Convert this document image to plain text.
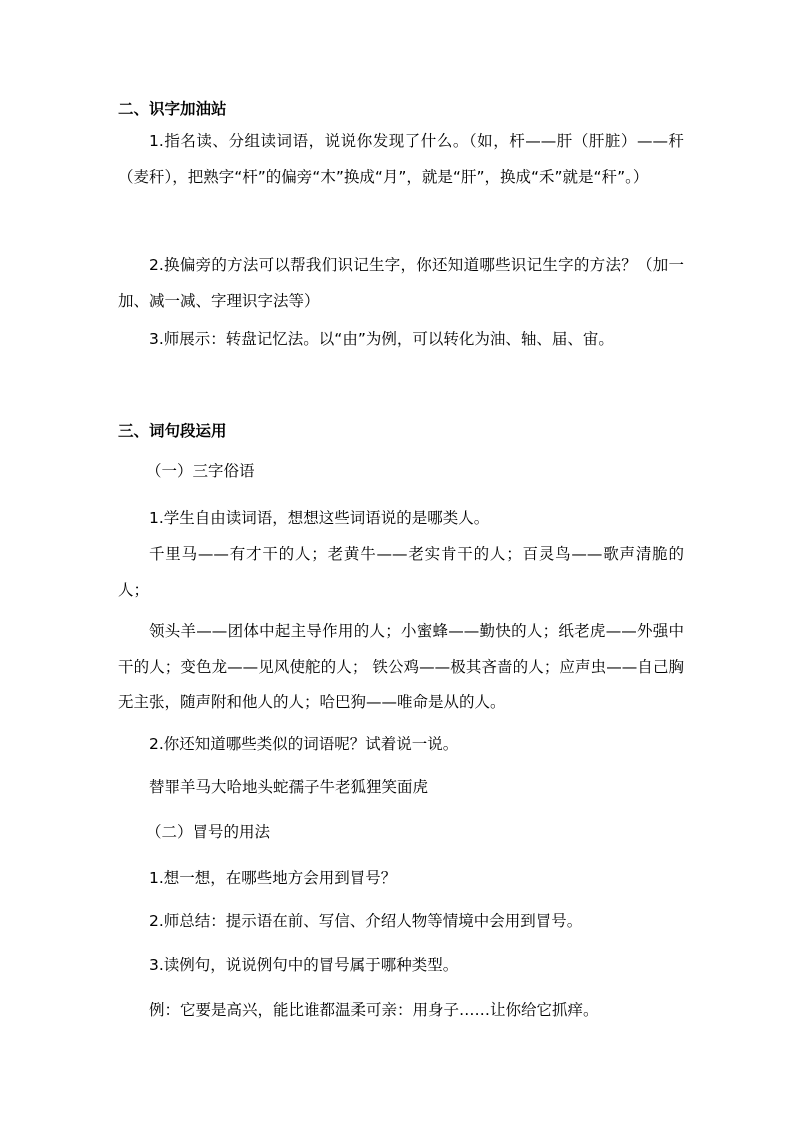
二、识字加油站

1.指名读、分组读词语，说说你发现了什么。（如，杆——肝（肝脏）——秆（麦秆），把熟字“杆”的偏旁“木”换成“月”，就是“肝”，换成“禾”就是“秆”。）

2.换偏旁的方法可以帮我们识记生字，你还知道哪些识记生字的方法？（加一加、减一减、字理识字法等）

3.师展示：转盘记忆法。以“由”为例，可以转化为油、轴、届、宙。

三、词句段运用

（一）三字俗语

1.学生自由读词语，想想这些词语说的是哪类人。

千里马——有才干的人；老黄牛——老实肯干的人；百灵鸟——歌声清脆的人；

领头羊——团体中起主导作用的人；小蜜蜂——勤快的人；纸老虎——外强中干的人；变色龙——见风使舵的人； 铁公鸡——极其吝啬的人；应声虫——自己胸无主张，随声附和他人的人；哈巴狗——唯命是从的人。

2.你还知道哪些类似的词语呢？试着说一说。

替罪羊马大哈地头蛇孺子牛老狐狸笑面虎

（二）冒号的用法

1.想一想，在哪些地方会用到冒号？

2.师总结：提示语在前、写信、介绍人物等情境中会用到冒号。

3.读例句，说说例句中的冒号属于哪种类型。

例：它要是高兴，能比谁都温柔可亲：用身子……让你给它抓痒。
